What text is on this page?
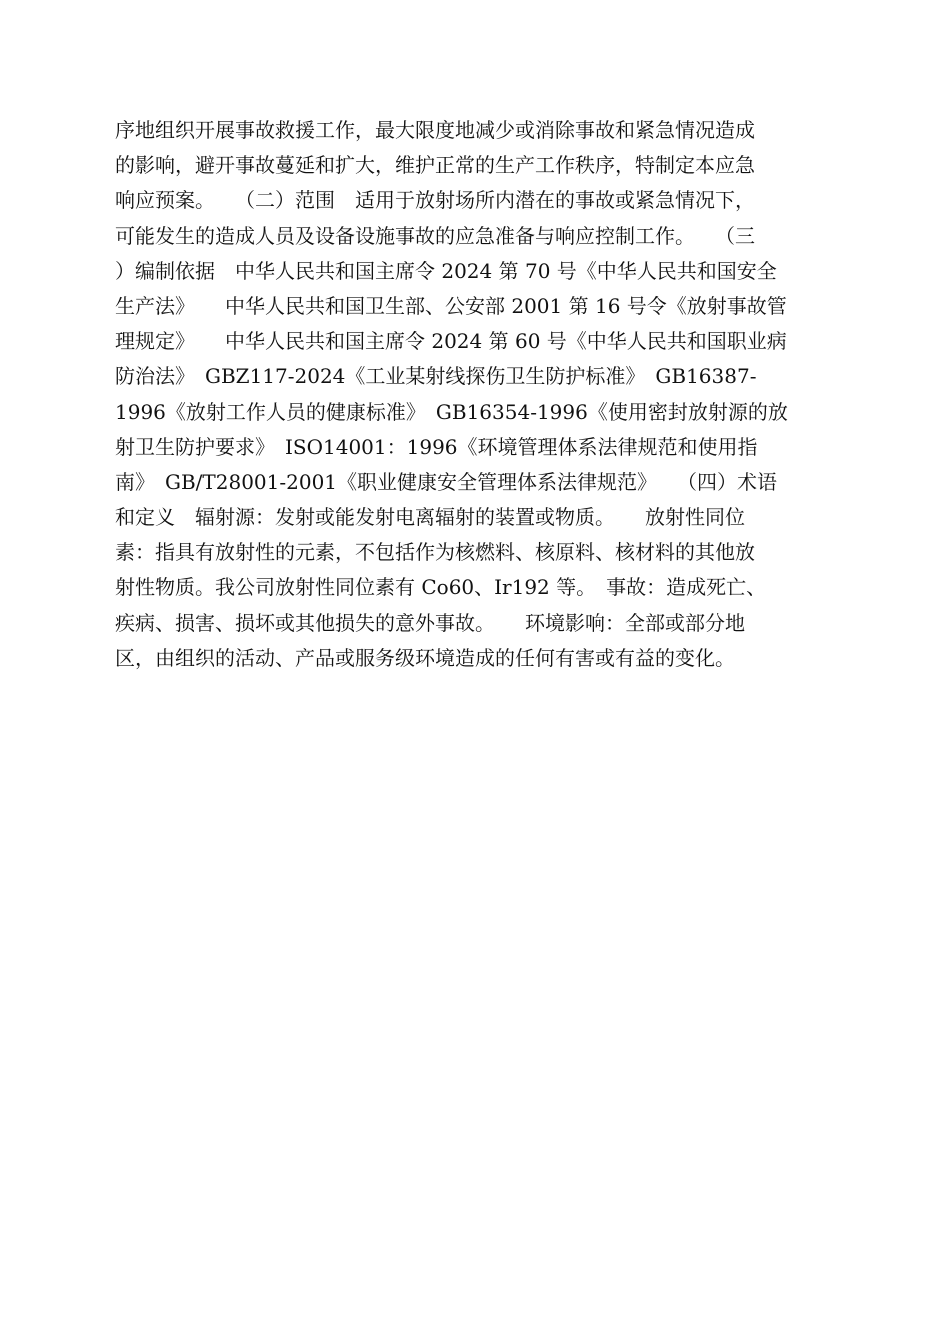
序地组织开展事故救援工作，最大限度地减少或消除事故和紧急情况造成
的影响，避开事故蔓延和扩大，维护正常的生产工作秩序，特制定本应急
响应预案。　　（二）范围　适用于放射场所内潜在的事故或紧急情况下，
可能发生的造成人员及设备设施事故的应急准备与响应控制工作。　　（三
）编制依据　中华人民共和国主席令 2024 第 70 号《中华人民共和国安全
生产法》　　中华人民共和国卫生部、公安部 2001 第 16 号令《放射事故管
理规定》　　中华人民共和国主席令 2024 第 60 号《中华人民共和国职业病
防治法》　GBZ117-2024《工业某射线探伤卫生防护标准》　GB16387-
1996《放射工作人员的健康标准》　GB16354-1996《使用密封放射源的放
射卫生防护要求》　ISO14001：1996《环境管理体系法律规范和使用指
南》　GB/T28001-2001《职业健康安全管理体系法律规范》　　（四）术语
和定义　辐射源：发射或能发射电离辐射的装置或物质。　　放射性同位
素：指具有放射性的元素，不包括作为核燃料、核原料、核材料的其他放
射性物质。我公司放射性同位素有 Co60、Ir192 等。　事故：造成死亡、
疾病、损害、损坏或其他损失的意外事故。　　环境影响：全部或部分地
区，由组织的活动、产品或服务级环境造成的任何有害或有益的变化。
